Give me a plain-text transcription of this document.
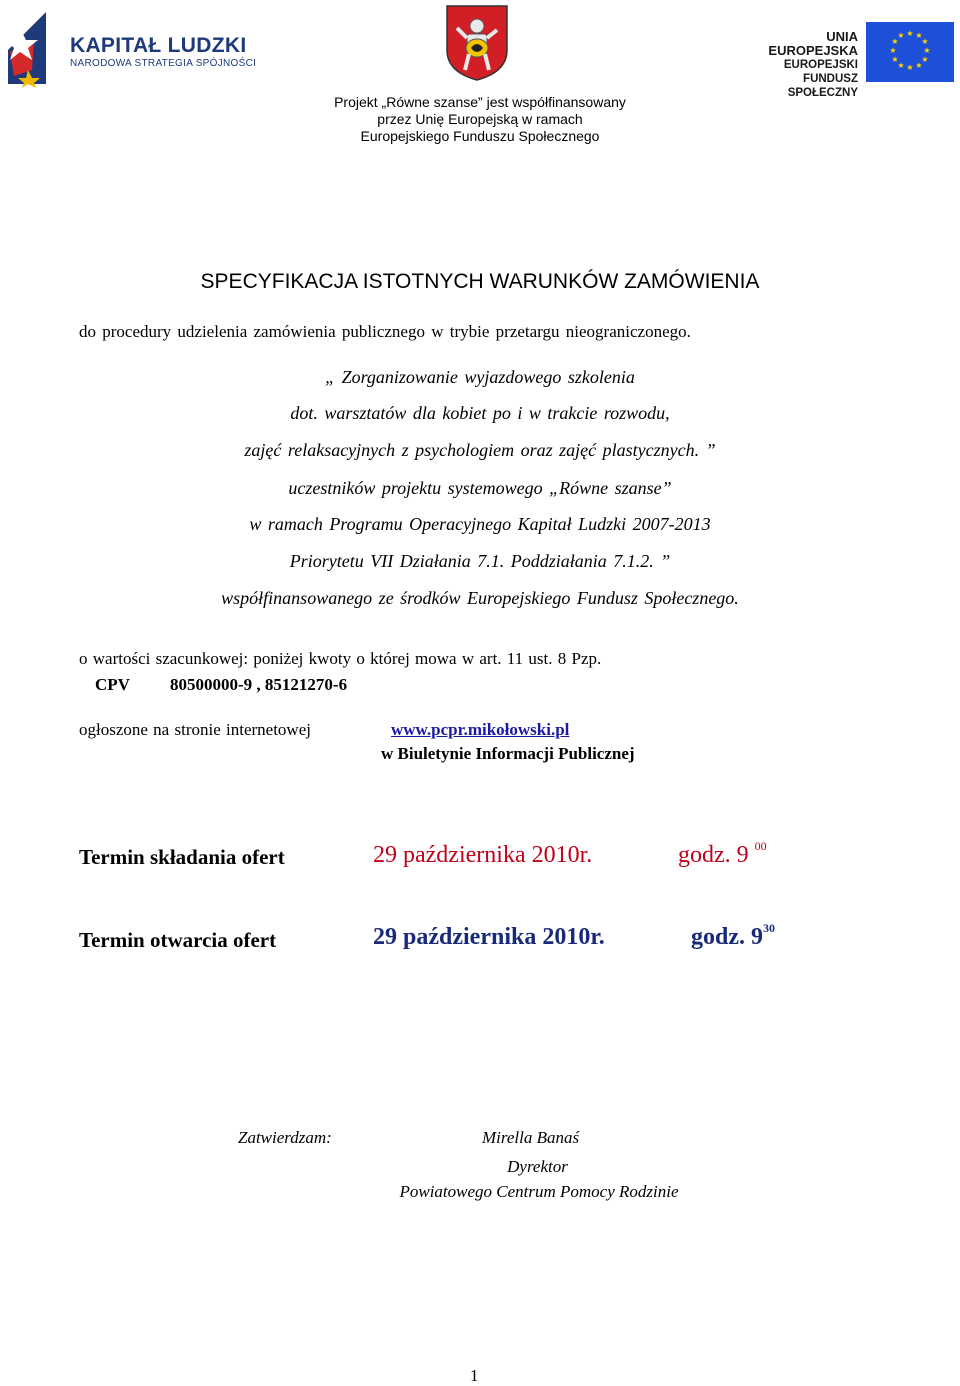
KAPITAŁ LUDZKI
NARODOWA STRATEGIA SPÓJNOŚCI
UNIA EUROPEJSKA
EUROPEJSKI
FUNDUSZ SPOŁECZNY
★ ★
★
★
★
★
★
★
★
★
★
★
Projekt „Równe szanse” jest współfinansowany
przez Unię Europejską w ramach
Europejskiego Funduszu Społecznego
SPECYFIKACJA ISTOTNYCH WARUNKÓW ZAMÓWIENIA
do procedury udzielenia zamówienia publicznego w trybie przetargu nieograniczonego.
„ Zorganizowanie wyjazdowego szkolenia
dot. warsztatów dla kobiet po i w trakcie rozwodu,
zajęć relaksacyjnych z psychologiem oraz zajęć plastycznych. ”
uczestników projektu systemowego „Równe szanse”
w ramach Programu Operacyjnego Kapitał Ludzki 2007-2013
Priorytetu VII Działania 7.1. Poddziałania 7.1.2. ”
współfinansowanego ze środków Europejskiego Fundusz Społecznego.
o wartości szacunkowej: poniżej kwoty o której mowa w art. 11 ust. 8 Pzp.
CPV 80500000-9 , 85121270-6
ogłoszone na stronie internetowej	www.pcpr.mikołowski.pl
w Biuletynie Informacji Publicznej
Termin składania ofert	29 października 2010r.	godz. 9 $^{00}$
Termin otwarcia ofert	29 października 2010r.	godz. $9^{30}$
Zatwierdzam:	Mirella Banaś
Dyrektor
Powiatowego Centrum Pomocy Rodzinie
1
